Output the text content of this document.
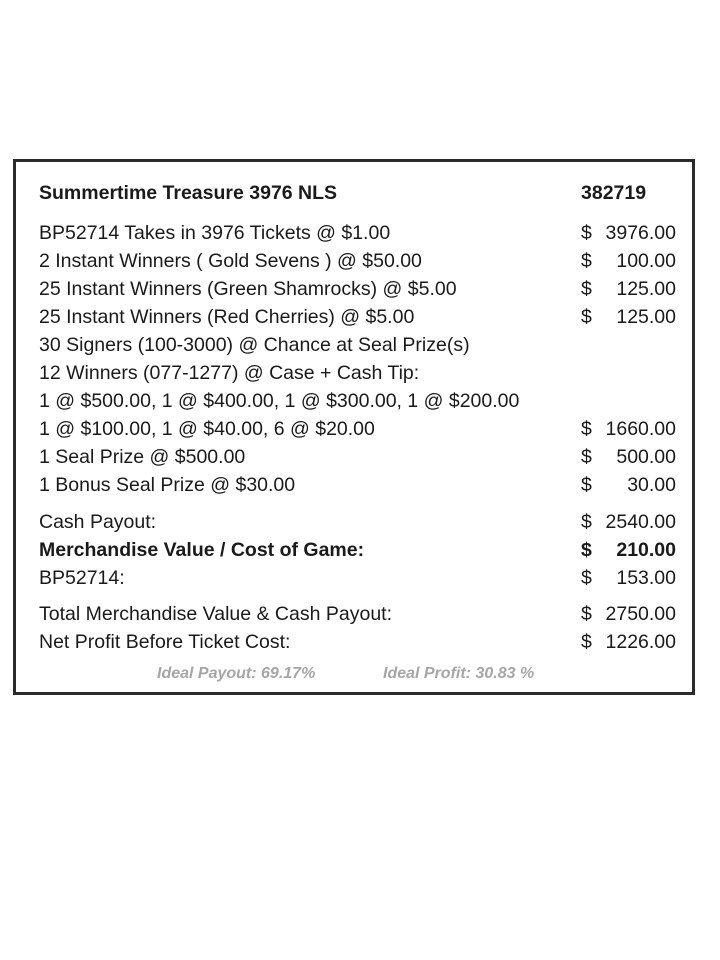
Summertime Treasure 3976 NLS	382719
BP52714 Takes in 3976 Tickets @ $1.00	$ 3976.00
2 Instant Winners ( Gold Sevens ) @ $50.00	$ 100.00
25 Instant Winners (Green Shamrocks) @ $5.00	$ 125.00
25 Instant Winners (Red Cherries) @ $5.00	$ 125.00
30 Signers (100-3000) @ Chance at Seal Prize(s)
12 Winners (077-1277) @ Case + Cash Tip:
1 @ $500.00, 1 @ $400.00, 1 @ $300.00, 1 @ $200.00
1 @ $100.00, 1 @ $40.00, 6 @ $20.00	$ 1660.00
1 Seal Prize @ $500.00	$ 500.00
1 Bonus Seal Prize @ $30.00	$ 30.00
Cash Payout:	$ 2540.00
Merchandise Value / Cost of Game:	$ 210.00
BP52714:	$ 153.00
Total Merchandise Value & Cash Payout:	$ 2750.00
Net Profit Before Ticket Cost:	$ 1226.00
Ideal Payout: 69.17%	Ideal Profit: 30.83 %
